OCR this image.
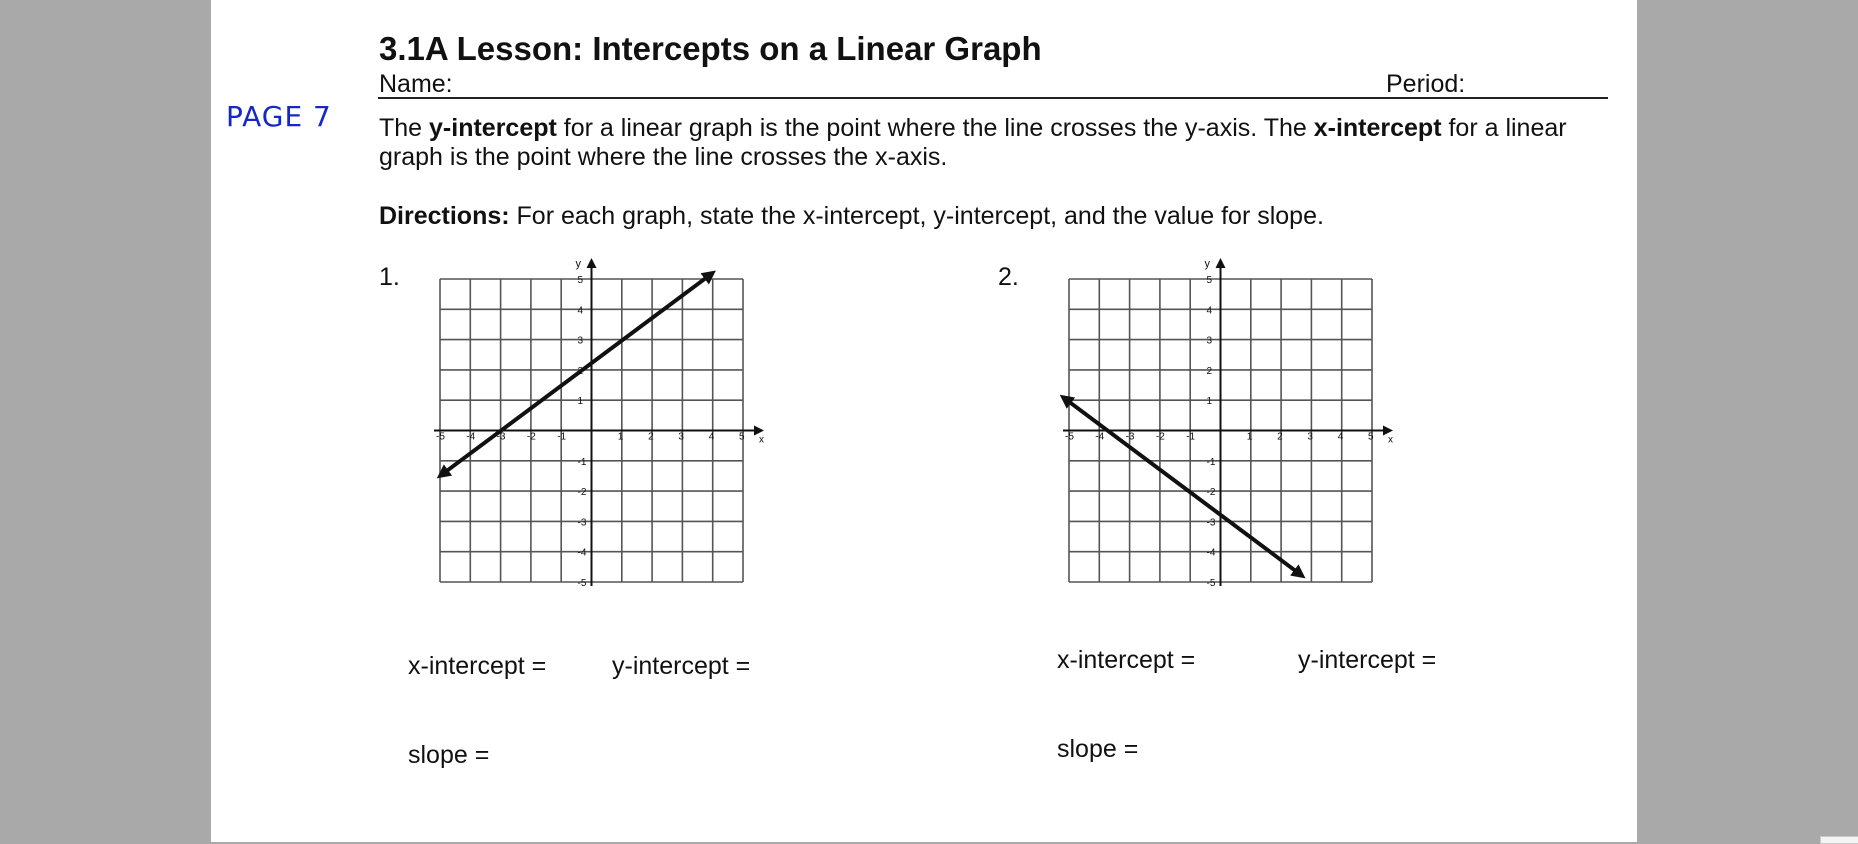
PAGE 7
3.1A Lesson: Intercepts on a Linear Graph
Name:	Period:
The y-intercept for a linear graph is the point where the line crosses the y-axis. The x-intercept for a linear graph is the point where the line crosses the x-axis.
Directions: For each graph, state the x-intercept, y-intercept, and the value for slope.
1.
x
y
-5 -4 -3 -2 -1	1 2 3 4 5
5
4
3
1
-1
-2
-3
-4
-5
x-intercept =	y-intercept =
slope =
2.
x
y
-5 -4 -3 -2 -1	1 2 3 4 5
5
4
3
2
1
-1
-2
-3
-4
-5
x-intercept =	y-intercept =
slope =
